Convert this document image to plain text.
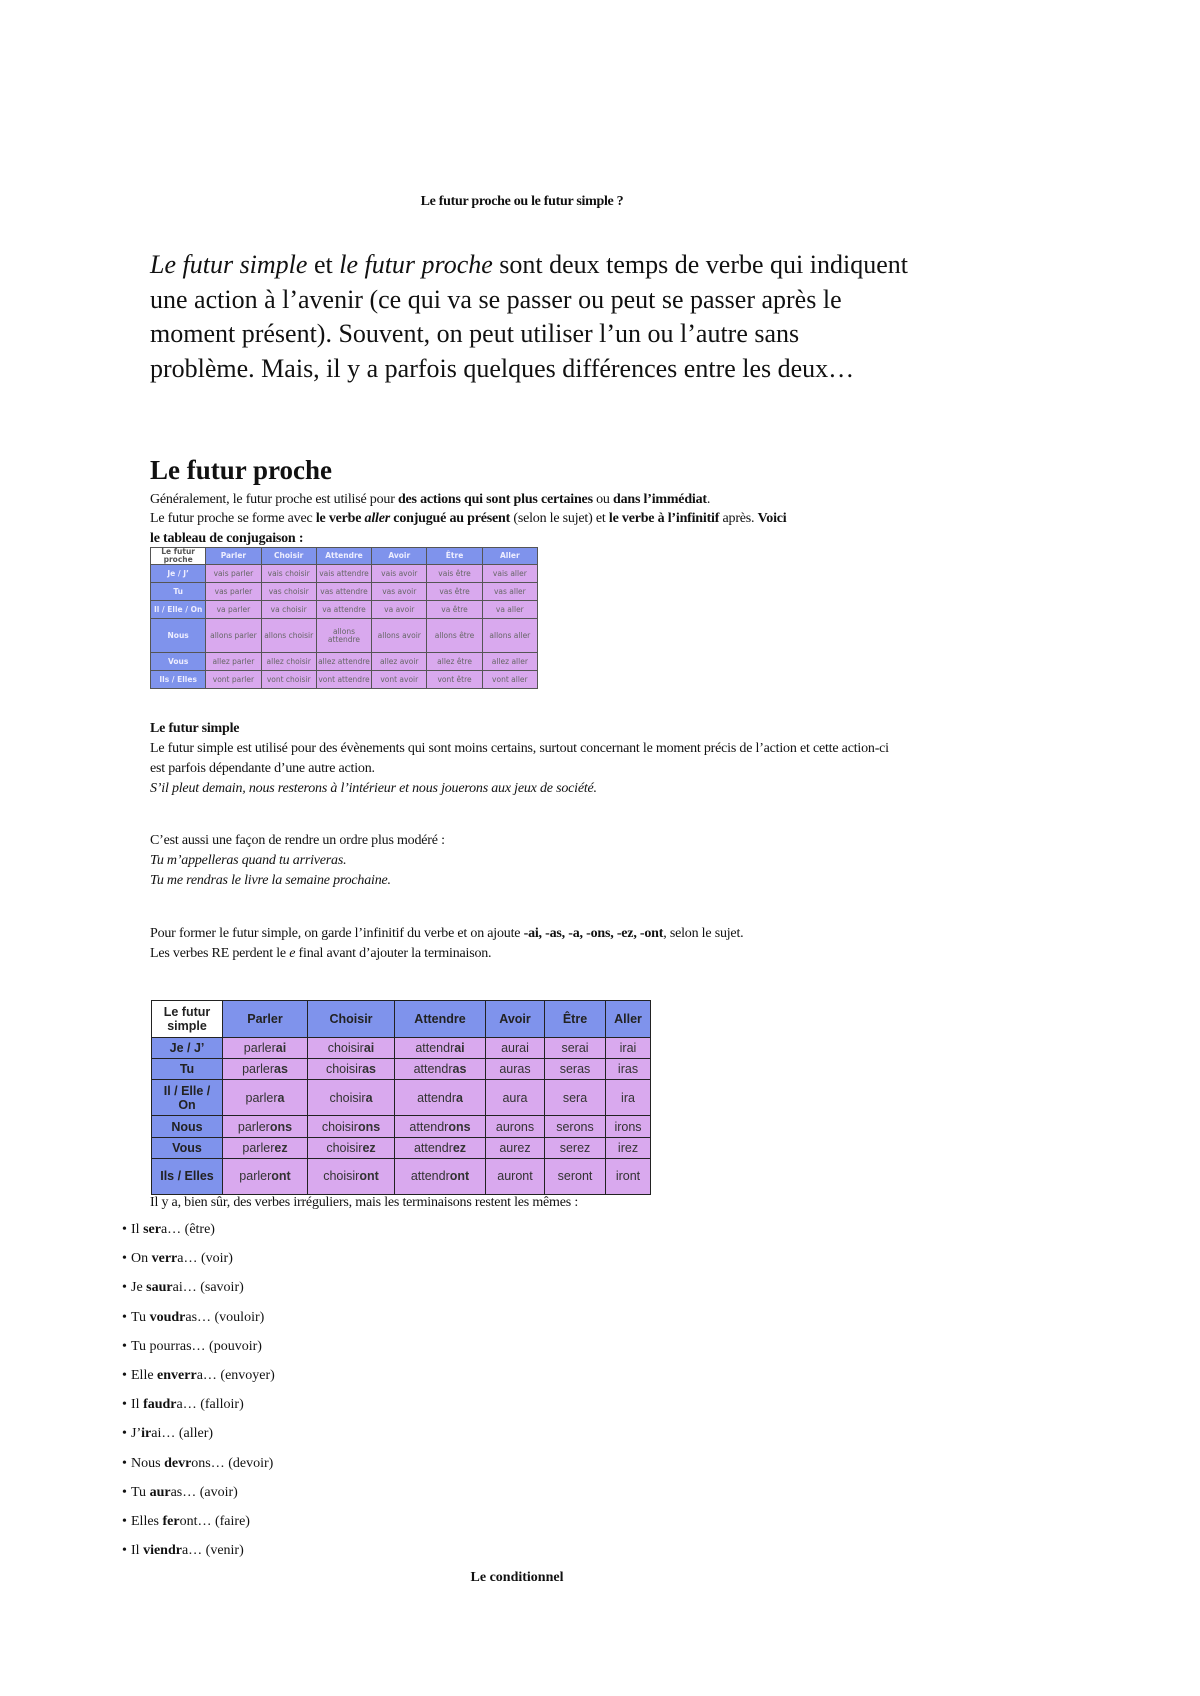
Le futur proche ou le futur simple ?
Le futur simple et le futur proche sont deux temps de verbe qui indiquent une action à l’avenir (ce qui va se passer ou peut se passer après le moment présent). Souvent, on peut utiliser l’un ou l’autre sans problème. Mais, il y a parfois quelques différences entre les deux…
Le futur proche
Généralement, le futur proche est utilisé pour des actions qui sont plus certaines ou dans l’immédiat.
Le futur proche se forme avec le verbe aller conjugué au présent (selon le sujet) et le verbe à l’infinitif après. Voici le tableau de conjugaison :
Le futur proche	Parler	Choisir	Attendre	Avoir	Être	Aller
Je / J’	vais parler	vais choisir	vais attendre	vais avoir	vais être	vais aller
Tu	vas parler	vas choisir	vas attendre	vas avoir	vas être	vas aller
Il / Elle / On	va parler	va choisir	va attendre	va avoir	va être	va aller
Nous	allons parler	allons choisir	allons attendre	allons avoir	allons être	allons aller
Vous	allez parler	allez choisir	allez attendre	allez avoir	allez être	allez aller
Ils / Elles	vont parler	vont choisir	vont attendre	vont avoir	vont être	vont aller
Le futur simple
Le futur simple est utilisé pour des évènements qui sont moins certains, surtout concernant le moment précis de l’action et cette action-ci est parfois dépendante d’une autre action.
S’il pleut demain, nous resterons à l’intérieur et nous jouerons aux jeux de société.
C’est aussi une façon de rendre un ordre plus modéré :
Tu m’appelleras quand tu arriveras.
Tu me rendras le livre la semaine prochaine.
Pour former le futur simple, on garde l’infinitif du verbe et on ajoute -ai, -as, -a, -ons, -ez, -ont, selon le sujet.
Les verbes RE perdent le e final avant d’ajouter la terminaison.
Le futur simple	Parler	Choisir	Attendre	Avoir	Être	Aller
Je / J’	parlerai	choisirai	attendrai	aurai	serai	irai
Tu	parleras	choisiras	attendras	auras	seras	iras
Il / Elle / On	parlera	choisira	attendra	aura	sera	ira
Nous	parlerons	choisirons	attendrons	aurons	serons	irons
Vous	parlerez	choisirez	attendrez	aurez	serez	irez
Ils / Elles	parleront	choisiront	attendront	auront	seront	iront
Il y a, bien sûr, des verbes irréguliers, mais les terminaisons restent les mêmes :
• Il sera… (être)
• On verra… (voir)
• Je saurai… (savoir)
• Tu voudras… (vouloir)
• Tu pourras… (pouvoir)
• Elle enverra… (envoyer)
• Il faudra… (falloir)
• J’irai… (aller)
• Nous devrons… (devoir)
• Tu auras… (avoir)
• Elles feront… (faire)
• Il viendra… (venir)
Le conditionnel
